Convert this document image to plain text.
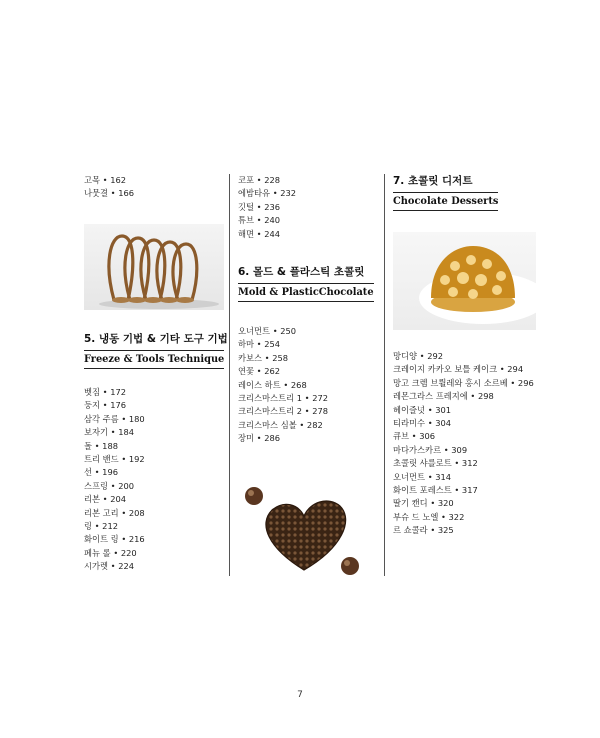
고목 • 162
나뭇결 • 166

5. 냉동 기법 & 기타 도구 기법

Freeze & Tools Technique
벳짐 • 172
둥지 • 176
삼각 주름 • 180
보자기 • 184
돌 • 188
트리 밴드 • 192
선 • 196
스프링 • 200
리본 • 204
리본 고리 • 208
링 • 212
화이트 링 • 216
페뉴 롤 • 220
시가렛 • 224
코포 • 228
에밤타유 • 232
깃털 • 236
튜브 • 240
해면 • 244

6. 몰드 & 플라스틱 초콜릿

Mold & PlasticChocolate
오너먼트 • 250
하마 • 254
카보스 • 258
연꽃 • 262
레이스 하트 • 268
크리스마스트리 1 • 272
크리스마스트리 2 • 278
크리스마스 심볼 • 282
장미 • 286

7. 초콜릿 디저트

Chocolate Desserts
망디양 • 292
크레이지 카카오 보틀 케이크 • 294
망고 크렘 브륄레와 홍시 소르베 • 296
레몬그라스 프레지에 • 298
헤이즐넛 • 301
티라미수 • 304
큐브 • 306
마다가스카르 • 309
초콜릿 샤를로트 • 312
오너먼트 • 314
화이트 포레스트 • 317
딸기 캔디 • 320
부슈 드 노엘 • 322
르 쇼콜라 • 325
7
